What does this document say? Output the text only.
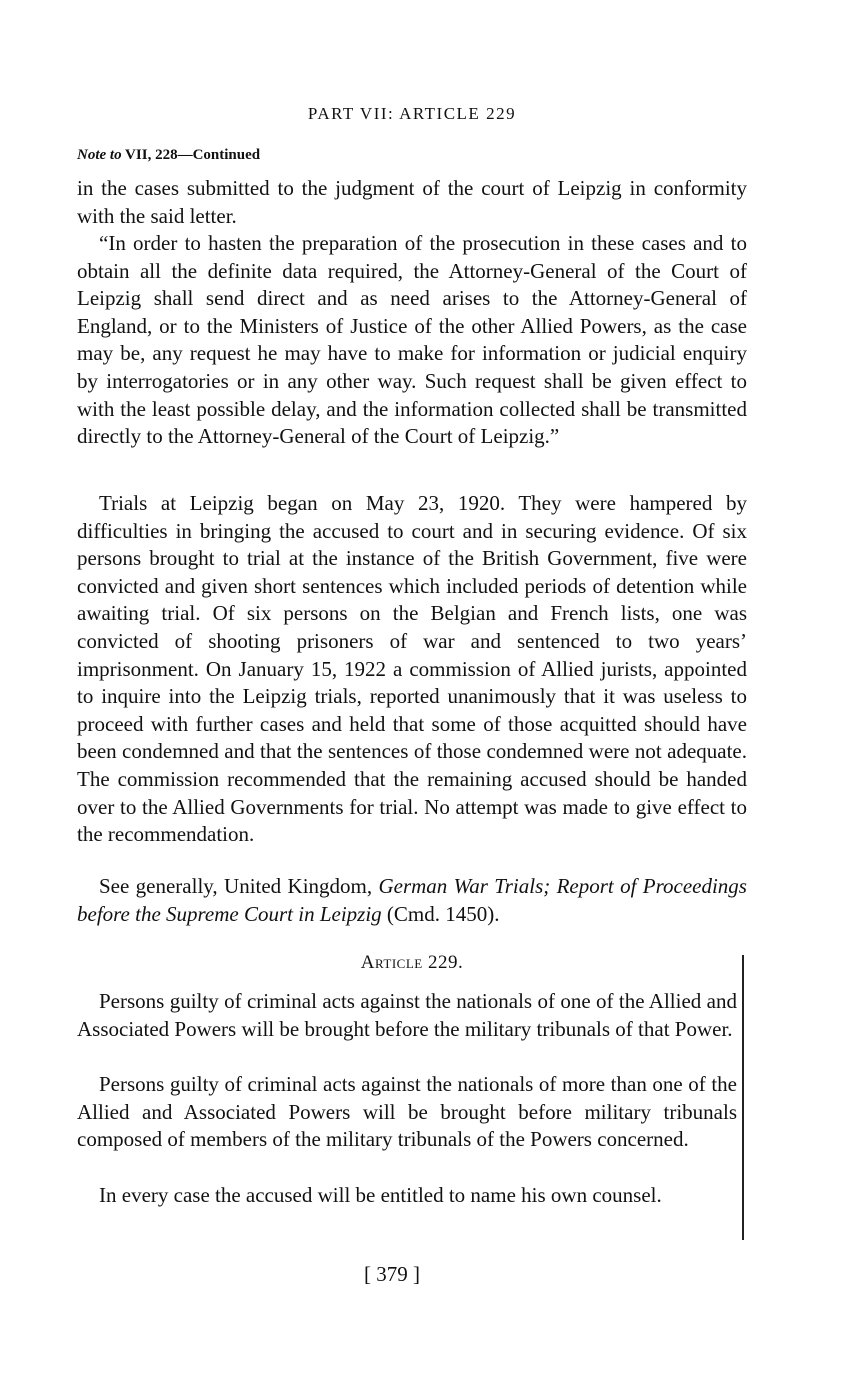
PART VII: ARTICLE 229
Note to VII, 228—Continued

in the cases submitted to the judgment of the court of Leipzig in conformity with the said letter.

“In order to hasten the preparation of the prosecution in these cases and to obtain all the definite data required, the Attorney-General of the Court of Leipzig shall send direct and as need arises to the Attorney-General of England, or to the Ministers of Justice of the other Allied Powers, as the case may be, any request he may have to make for information or judicial enquiry by interrogatories or in any other way. Such request shall be given effect to with the least possible delay, and the information collected shall be transmitted directly to the Attorney-General of the Court of Leipzig.”

Trials at Leipzig began on May 23, 1920. They were hampered by difficulties in bringing the accused to court and in securing evidence. Of six persons brought to trial at the instance of the British Government, five were convicted and given short sentences which included periods of detention while awaiting trial. Of six persons on the Belgian and French lists, one was convicted of shooting prisoners of war and sentenced to two years’ imprisonment. On January 15, 1922 a commission of Allied jurists, appointed to inquire into the Leipzig trials, reported unanimously that it was useless to proceed with further cases and held that some of those acquitted should have been condemned and that the sentences of those condemned were not adequate. The commission recommended that the remaining accused should be handed over to the Allied Governments for trial. No attempt was made to give effect to the recommendation.

See generally, United Kingdom, German War Trials; Report of Proceedings before the Supreme Court in Leipzig (Cmd. 1450).

Article 229.

Persons guilty of criminal acts against the nationals of one of the Allied and Associated Powers will be brought before the military tribunals of that Power.

Persons guilty of criminal acts against the nationals of more than one of the Allied and Associated Powers will be brought before military tribunals composed of members of the military tribunals of the Powers concerned.

In every case the accused will be entitled to name his own counsel.

[ 379 ]
